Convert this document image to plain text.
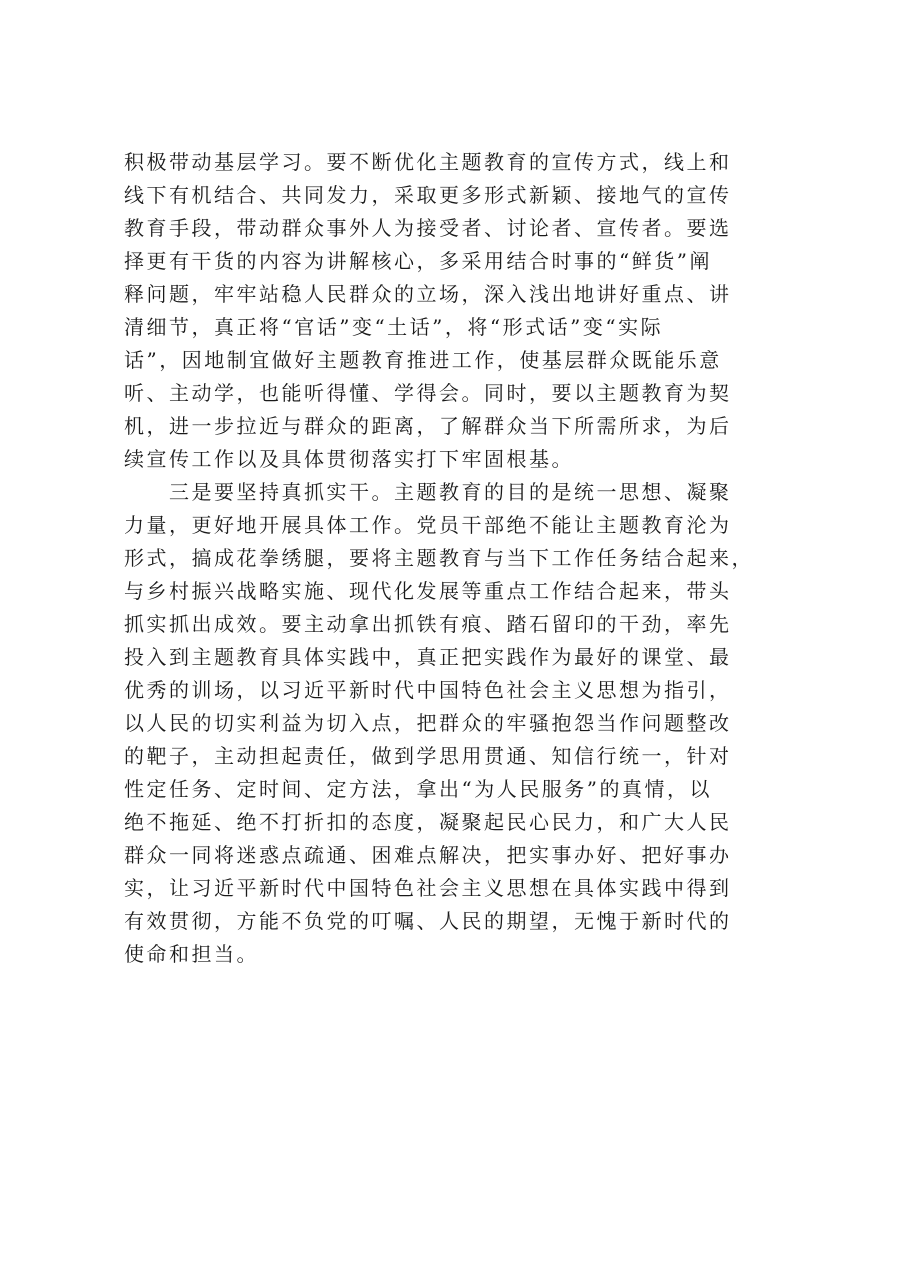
积极带动基层学习。要不断优化主题教育的宣传方式，线上和
线下有机结合、共同发力，采取更多形式新颖、接地气的宣传
教育手段，带动群众事外人为接受者、讨论者、宣传者。要选
择更有干货的内容为讲解核心，多采用结合时事的“鲜货”阐
释问题，牢牢站稳人民群众的立场，深入浅出地讲好重点、讲
清细节，真正将“官话”变“土话”，将“形式话”变“实际
话”，因地制宜做好主题教育推进工作，使基层群众既能乐意
听、主动学，也能听得懂、学得会。同时，要以主题教育为契
机，进一步拉近与群众的距离，了解群众当下所需所求，为后
续宣传工作以及具体贯彻落实打下牢固根基。
三是要坚持真抓实干。主题教育的目的是统一思想、凝聚
力量，更好地开展具体工作。党员干部绝不能让主题教育沦为
形式，搞成花拳绣腿，要将主题教育与当下工作任务结合起来，
与乡村振兴战略实施、现代化发展等重点工作结合起来，带头
抓实抓出成效。要主动拿出抓铁有痕、踏石留印的干劲，率先
投入到主题教育具体实践中，真正把实践作为最好的课堂、最
优秀的训场，以习近平新时代中国特色社会主义思想为指引，
以人民的切实利益为切入点，把群众的牢骚抱怨当作问题整改
的靶子，主动担起责任，做到学思用贯通、知信行统一，针对
性定任务、定时间、定方法，拿出“为人民服务”的真情，以
绝不拖延、绝不打折扣的态度，凝聚起民心民力，和广大人民
群众一同将迷惑点疏通、困难点解决，把实事办好、把好事办
实，让习近平新时代中国特色社会主义思想在具体实践中得到
有效贯彻，方能不负党的叮嘱、人民的期望，无愧于新时代的
使命和担当。
